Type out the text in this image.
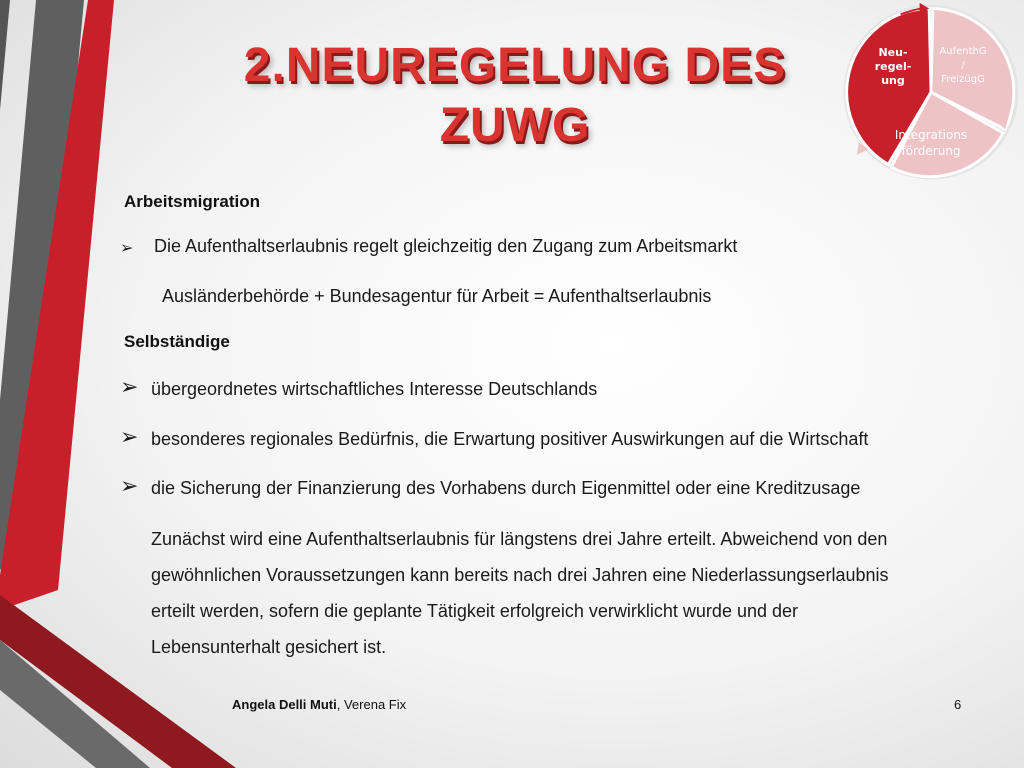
2.NEUREGELUNG DES
ZUWG
Neu-
regel-
ung
AufenthG
/
FreizügG
Integrations
förderung
Arbeitsmigration
➢ Die Aufenthaltserlaubnis regelt gleichzeitig den Zugang zum Arbeitsmarkt
Ausländerbehörde + Bundesagentur für Arbeit = Aufenthaltserlaubnis
Selbständige
➢ übergeordnetes wirtschaftliches Interesse Deutschlands
➢ besonderes regionales Bedürfnis, die Erwartung positiver Auswirkungen auf die Wirtschaft
➢ die Sicherung der Finanzierung des Vorhabens durch Eigenmittel oder eine Kreditzusage
Zunächst wird eine Aufenthaltserlaubnis für längstens drei Jahre erteilt. Abweichend von den
gewöhnlichen Voraussetzungen kann bereits nach drei Jahren eine Niederlassungserlaubnis
erteilt werden, sofern die geplante Tätigkeit erfolgreich verwirklicht wurde und der
Lebensunterhalt gesichert ist.
Angela Delli Muti, Verena Fix	6
